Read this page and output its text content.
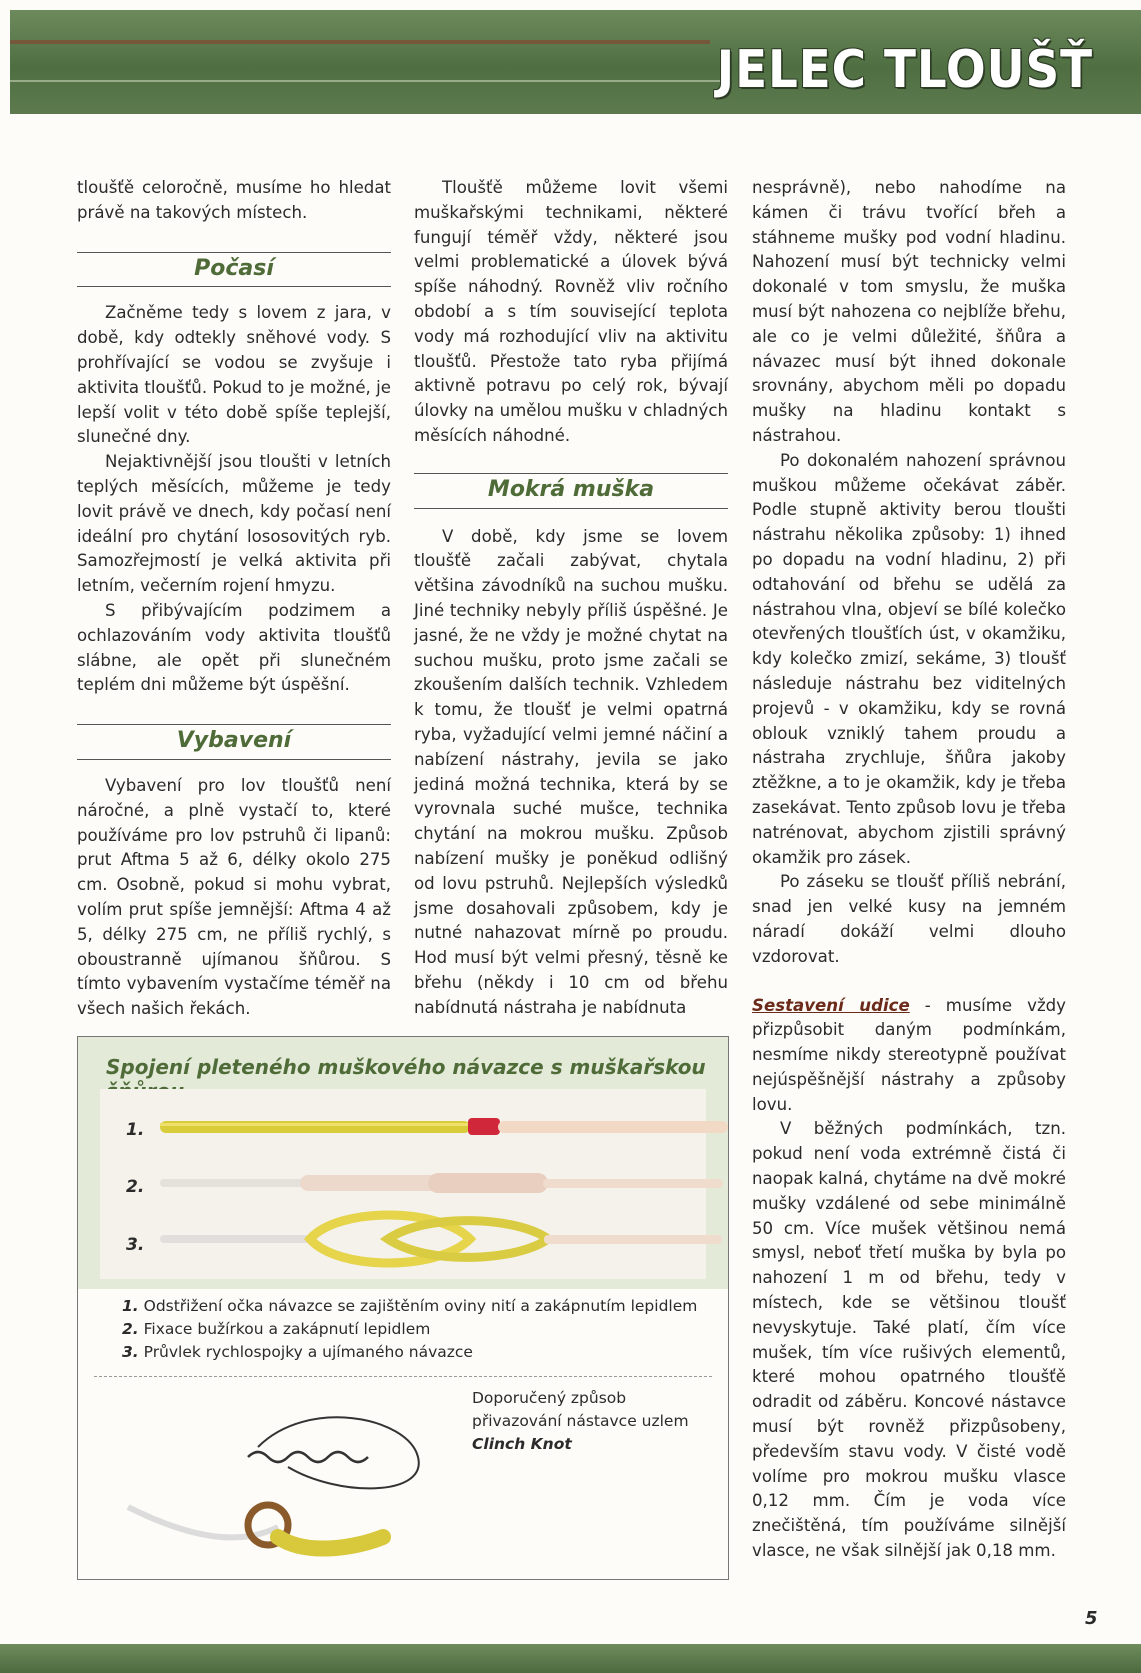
JELEC TLOUŠŤ

tloušťě celoročně, musíme ho hledat právě na takových místech.

Počasí

Začněme tedy s lovem z jara, v době, kdy odtekly sněhové vody. S prohřívající se vodou se zvyšuje i aktivita tloušťů. Pokud to je možné, je lepší volit v této době spíše teplejší, slunečné dny.

Nejaktivnější jsou tloušti v letních teplých měsících, můžeme je tedy lovit právě ve dnech, kdy počasí není ideální pro chytání lososovitých ryb. Samozřejmostí je velká aktivita při letním, večerním rojení hmyzu.

S přibývajícím podzimem a ochlazováním vody aktivita tloušťů slábne, ale opět při slunečném teplém dni můžeme být úspěšní.

Vybavení

Vybavení pro lov tloušťů není náročné, a plně vystačí to, které používáme pro lov pstruhů či lipanů: prut Aftma 5 až 6, délky okolo 275 cm. Osobně, pokud si mohu vybrat, volím prut spíše jemnější: Aftma 4 až 5, délky 275 cm, ne příliš rychlý, s oboustranně ujímanou šňůrou. S tímto vybavením vystačíme téměř na všech našich řekách.

Tloušťě můžeme lovit všemi muškařskými technikami, některé fungují téměř vždy, některé jsou velmi problematické a úlovek bývá spíše náhodný. Rovněž vliv ročního období a s tím související teplota vody má rozhodující vliv na aktivitu tloušťů. Přestože tato ryba přijímá aktivně potravu po celý rok, bývají úlovky na umělou mušku v chladných měsících náhodné.

Mokrá muška

V době, kdy jsme se lovem tloušťě začali zabývat, chytala většina závodníků na suchou mušku. Jiné techniky nebyly příliš úspěšné. Je jasné, že ne vždy je možné chytat na suchou mušku, proto jsme začali se zkoušením dalších technik. Vzhledem k tomu, že tloušť je velmi opatrná ryba, vyžadující velmi jemné náčiní a nabízení nástrahy, jevila se jako jediná možná technika, která by se vyrovnala suché mušce, technika chytání na mokrou mušku. Způsob nabízení mušky je poněkud odlišný od lovu pstruhů. Nejlepších výsledků jsme dosahovali způsobem, kdy je nutné nahazovat mírně po proudu. Hod musí být velmi přesný, těsně ke břehu (někdy i 10 cm od břehu nabídnutá nástraha je nabídnuta

nesprávně), nebo nahodíme na kámen či trávu tvořící břeh a stáhneme mušky pod vodní hladinu. Nahození musí být technicky velmi dokonalé v tom smyslu, že muška musí být nahozena co nejblíže břehu, ale co je velmi důležité, šňůra a návazec musí být ihned dokonale srovnány, abychom měli po dopadu mušky na hladinu kontakt s nástrahou.

Po dokonalém nahození správnou muškou můžeme očekávat záběr. Podle stupně aktivity berou tloušti nástrahu několika způsoby: 1) ihned po dopadu na vodní hladinu, 2) při odtahování od břehu se udělá za nástrahou vlna, objeví se bílé kolečko otevřených tloušťích úst, v okamžiku, kdy kolečko zmizí, sekáme, 3) tloušť následuje nástrahu bez viditelných projevů - v okamžiku, kdy se rovná oblouk vzniklý tahem proudu a nástraha zrychluje, šňůra jakoby ztěžkne, a to je okamžik, kdy je třeba zasekávat. Tento způsob lovu je třeba natrénovat, abychom zjistili správný okamžik pro zásek.

Po záseku se tloušť příliš nebrání, snad jen velké kusy na jemném náradí dokáží velmi dlouho vzdorovat.

Sestavení udice - musíme vždy přizpůsobit daným podmínkám, nesmíme nikdy stereotypně používat nejúspěšnější nástrahy a způsoby lovu.

V běžných podmínkách, tzn. pokud není voda extrémně čistá či naopak kalná, chytáme na dvě mokré mušky vzdálené od sebe minimálně 50 cm. Více mušek většinou nemá smysl, neboť třetí muška by byla po nahození 1 m od břehu, tedy v místech, kde se většinou tloušť nevyskytuje. Také platí, čím více mušek, tím více rušivých elementů, které mohou opatrného tloušťě odradit od záběru. Koncové nástavce musí být rovněž přizpůsobeny, především stavu vody. V čisté vodě volíme pro mokrou mušku vlasce 0,12 mm. Čím je voda více znečištěná, tím používáme silnější vlasce, ne však silnější jak 0,18 mm.

Spojení pleteného muškového návazce s muškařskou
1.
2.
3.
1. Odstřižení očka návazce se zajištěním oviny nití a zakápnutím lepidlem
2. Fixace bužírkou a zakápnutí lepidlem
3. Průvlek rychlospojky a ujímaného návazce
Doporučený způsob přivazování nástavce uzlem
Clinch Knot
5
